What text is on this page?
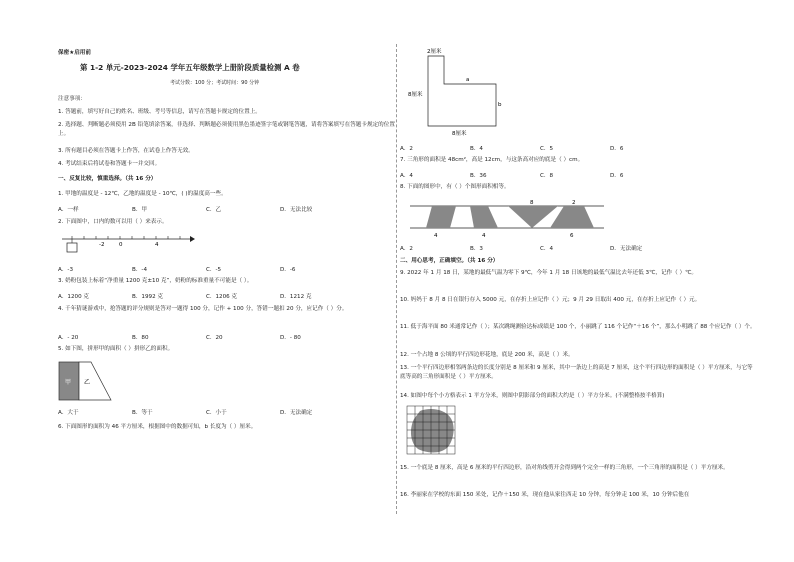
保密★启用前
第 1-2 单元-2023-2024 学年五年级数学上册阶段质量检测 A 卷
考试分数：100 分；考试时间：90 分钟
注意事项：
1. 答题前，填写好自己的姓名、班级、考号等信息，请写在答题卡规定的位置上。
2. 选择题、判断题必须使用 2B 铅笔填涂答案，非选择、判断题必须使用黑色墨迹签字笔或钢笔答题，请将答案填写在答题卡规定的位置上。
3. 所有题目必须在答题卡上作答，在试卷上作答无效。
4. 考试结束后将试卷和答题卡一并交回。
一、反复比较，慎重选择。（共 16 分）
1. 甲地的温度是 - 12℃，乙地的温度是 - 10℃，( )的温度高一些。
A．一样	B．甲	C．乙	D．无法比较
2. 下面图中，口内的数可以用（ ）来表示。
-2	0	4
A．-3	B．-4	C．-5	D．-6
3. 奶粉包装上标着“净重量 1200 克±10 克”，奶粉的标准重量不可能是（ ）。
A．1200 克	B．1992 克	C．1206 克	D．1212 克
4. 千年猜谜游戏中，抢答题的评分规则是答对一题得 100 分，记作 + 100 分，答错一题扣 20 分，应记作（ ）分。
A．- 20	B．80	C．20	D．- 80
5. 如下图，拼形甲的面积（ ）拼形乙的面积。
甲 乙
A．大于	B．等于	C．小于	D．无法确定
6. 下面图形的面积为 46 平方厘米，根据图中的数据可知，b 长度为（ ）厘米。
2厘米
8厘米
a
b
8厘米
A．2	B．4	C．5	D．6
7. 三角形的面积是 48cm²，高是 12cm，与这条高对应的底是（ ）cm。
A．4	B．36	C．8	D．6
8. 下面的图形中，有（ ）个图形面积相等。
8	2
4	4	6
A．2	B．3	C．4	D．无法确定
二、用心思考，正确填空。（共 16 分）
9. 2022 年 1 月 18 日，某地的最低气温为零下 9℃，今年 1 月 18 日该地的最低气温比去年还低 3℃，记作（ ）℃。
10. 妈妈于 8 月 8 日在银行存入 5000 元，在存折上应记作（ ）元；9 月 29 日取出 400 元，在存折上应记作（ ）元。
11. 低于海平面 80 米通常记作（ ）；某次跳绳测验达标成绩是 100 个，小丽跳了 116 个记作“＋16 个”，那么小明跳了 88 个应记作（ ）个。
12. 一个占地 8 公顷的平行四边形花地，底是 200 米，高是（ ）米。
13. 一个平行四边形相邻两条边的长度分别是 8 厘米和 9 厘米，其中一条边上的高是 7 厘米，这个平行四边形的面积是（ ）平方厘米，与它等底等高的三角形面积是（ ）平方厘米。
14. 如图中每个小方格表示 1 平方分米，则图中阴影部分的面积大约是（ ）平方分米。(不满整格按半格算)
15. 一个底是 8 厘米，高是 6 厘米的平行四边形，沿对角线剪开会得到两个完全一样的三角形，一个三角形的面积是（ ）平方厘米。
16. 李丽家在学校的东面 150 米处，记作＋150 米，现在他从家往西走 10 分钟，每分钟走 100 米，10 分钟后他在
